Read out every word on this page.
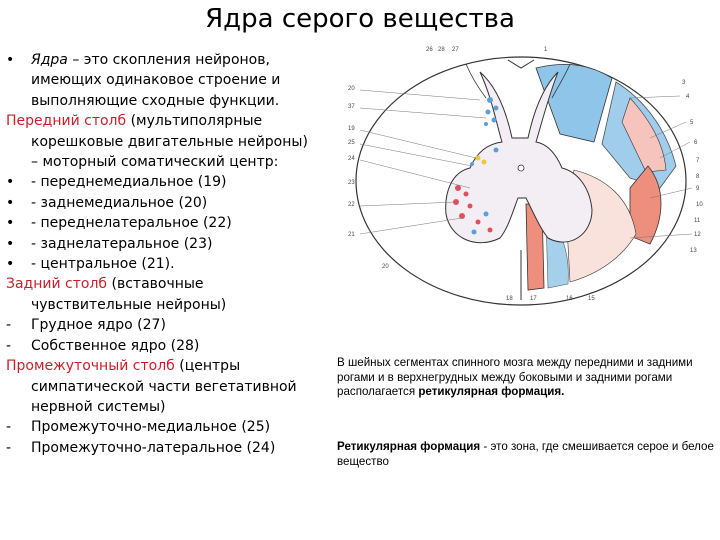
Ядра серого вещества

• Ядра – это скопления нейронов,

имеющих одинаковое строение и

выполняющие сходные функции.

Передний столб (мультиполярные

корешковые двигательные нейроны)

– моторный соматический центр:

• - переднемедиальное (19)

• - заднемедиальное (20)

• - переднелатеральное (22)

• - заднелатеральное (23)

• - центральное (21).

Задний столб (вставочные

чувствительные нейроны)

- Грудное ядро (27)

- Собственное ядро (28)

Промежуточный столб (центры

симпатической части вегетативной

нервной системы)

- Промежуточно-медиальное (25)

- Промежуточно-латеральное (24)

26 28 27	1
20
37
3
4
5
6
7
19
25
24
23
8
9
22	10
21
11
12
13
20
18	17	16	15
В шейных сегментах спинного мозга между передними и задними рогами и в верхнегрудных между боковыми и задними рогами располагается ретикулярная формация.
Ретикулярная формация - это зона, где смешивается серое и белое вещество
